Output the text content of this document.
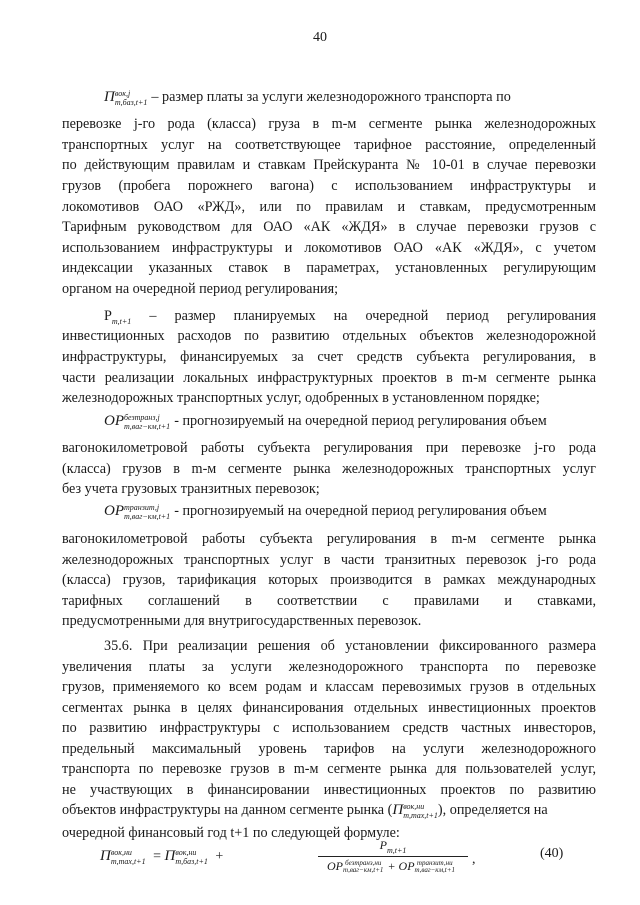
40
П вок,j
m,баз,t+1 – размер платы за услуги железнодорожного транспорта по
перевозке j-го рода (класса) груза в m-м сегменте рынка железнодорожных
транспортных услуг на соответствующее тарифное расстояние, определенный
по действующим правилам и ставкам Прейскуранта № 10-01 в случае перевозки
грузов (пробега порожнего вагона) с использованием инфраструктуры и
локомотивов ОАО «РЖД», или по правилам и ставкам, предусмотренным
Тарифным руководством для ОАО «АК «ЖДЯ» в случае перевозки грузов с
использованием инфраструктуры и локомотивов ОАО «АК «ЖДЯ», с учетом
индексации указанных ставок в параметрах, установленных регулирующим
органом на очередной период регулирования;
$P_{m,t+1}$ – размер планируемых на очередной период регулирования
инвестиционных расходов по развитию отдельных объектов железнодорожной
инфраструктуры, финансируемых за счет средств субъекта регулирования, в
части реализации локальных инфраструктурных проектов в m-м сегменте рынка
железнодорожных транспортных услуг, одобренных в установленном порядке;
OP безтранз,j
m,ваг−км,t+1 - прогнозируемый на очередной период регулирования объем
вагонокилометровой работы субъекта регулирования при перевозке j-го рода
(класса) грузов в m-м сегменте рынка железнодорожных транспортных услуг
без учета грузовых транзитных перевозок;
OP транзит,j
m,ваг−км,t+1 - прогнозируемый на очередной период регулирования объем
вагонокилометровой работы субъекта регулирования в m-м сегменте рынка
железнодорожных транспортных услуг в части транзитных перевозок j-го рода
(класса) грузов, тарификация которых производится в рамках международных
тарифных соглашений в соответствии с правилами и ставками,
предусмотренными для внутригосударственных перевозок.
35.6. При реализации решения об установлении фиксированного размера
увеличения платы за услуги железнодорожного транспорта по перевозке
грузов, применяемого ко всем родам и классам перевозимых грузов в отдельных
сегментах рынка в целях финансирования отдельных инвестиционных проектов
по развитию инфраструктуры с использованием средств частных инвесторов,
предельный максимальный уровень тарифов на услуги железнодорожного
транспорта по перевозке грузов в m-м сегменте рынка для пользователей услуг,
не участвующих в финансировании инвестиционных проектов по развитию
объектов инфраструктуры на данном сегменте рынка (П вок,ни
m,max,t+1 ), определяется на
очередной финансовый год t+1 по следующей формуле:
П вок,ни
m,max,t+1 = П вок,ни
m,баз,t+1 +
$P_{m,t+1}$
OP безтранз,ни
m,ваг−км,t+1 + OP транзит,ни
m,ваг−км,t+1
,	(40)
